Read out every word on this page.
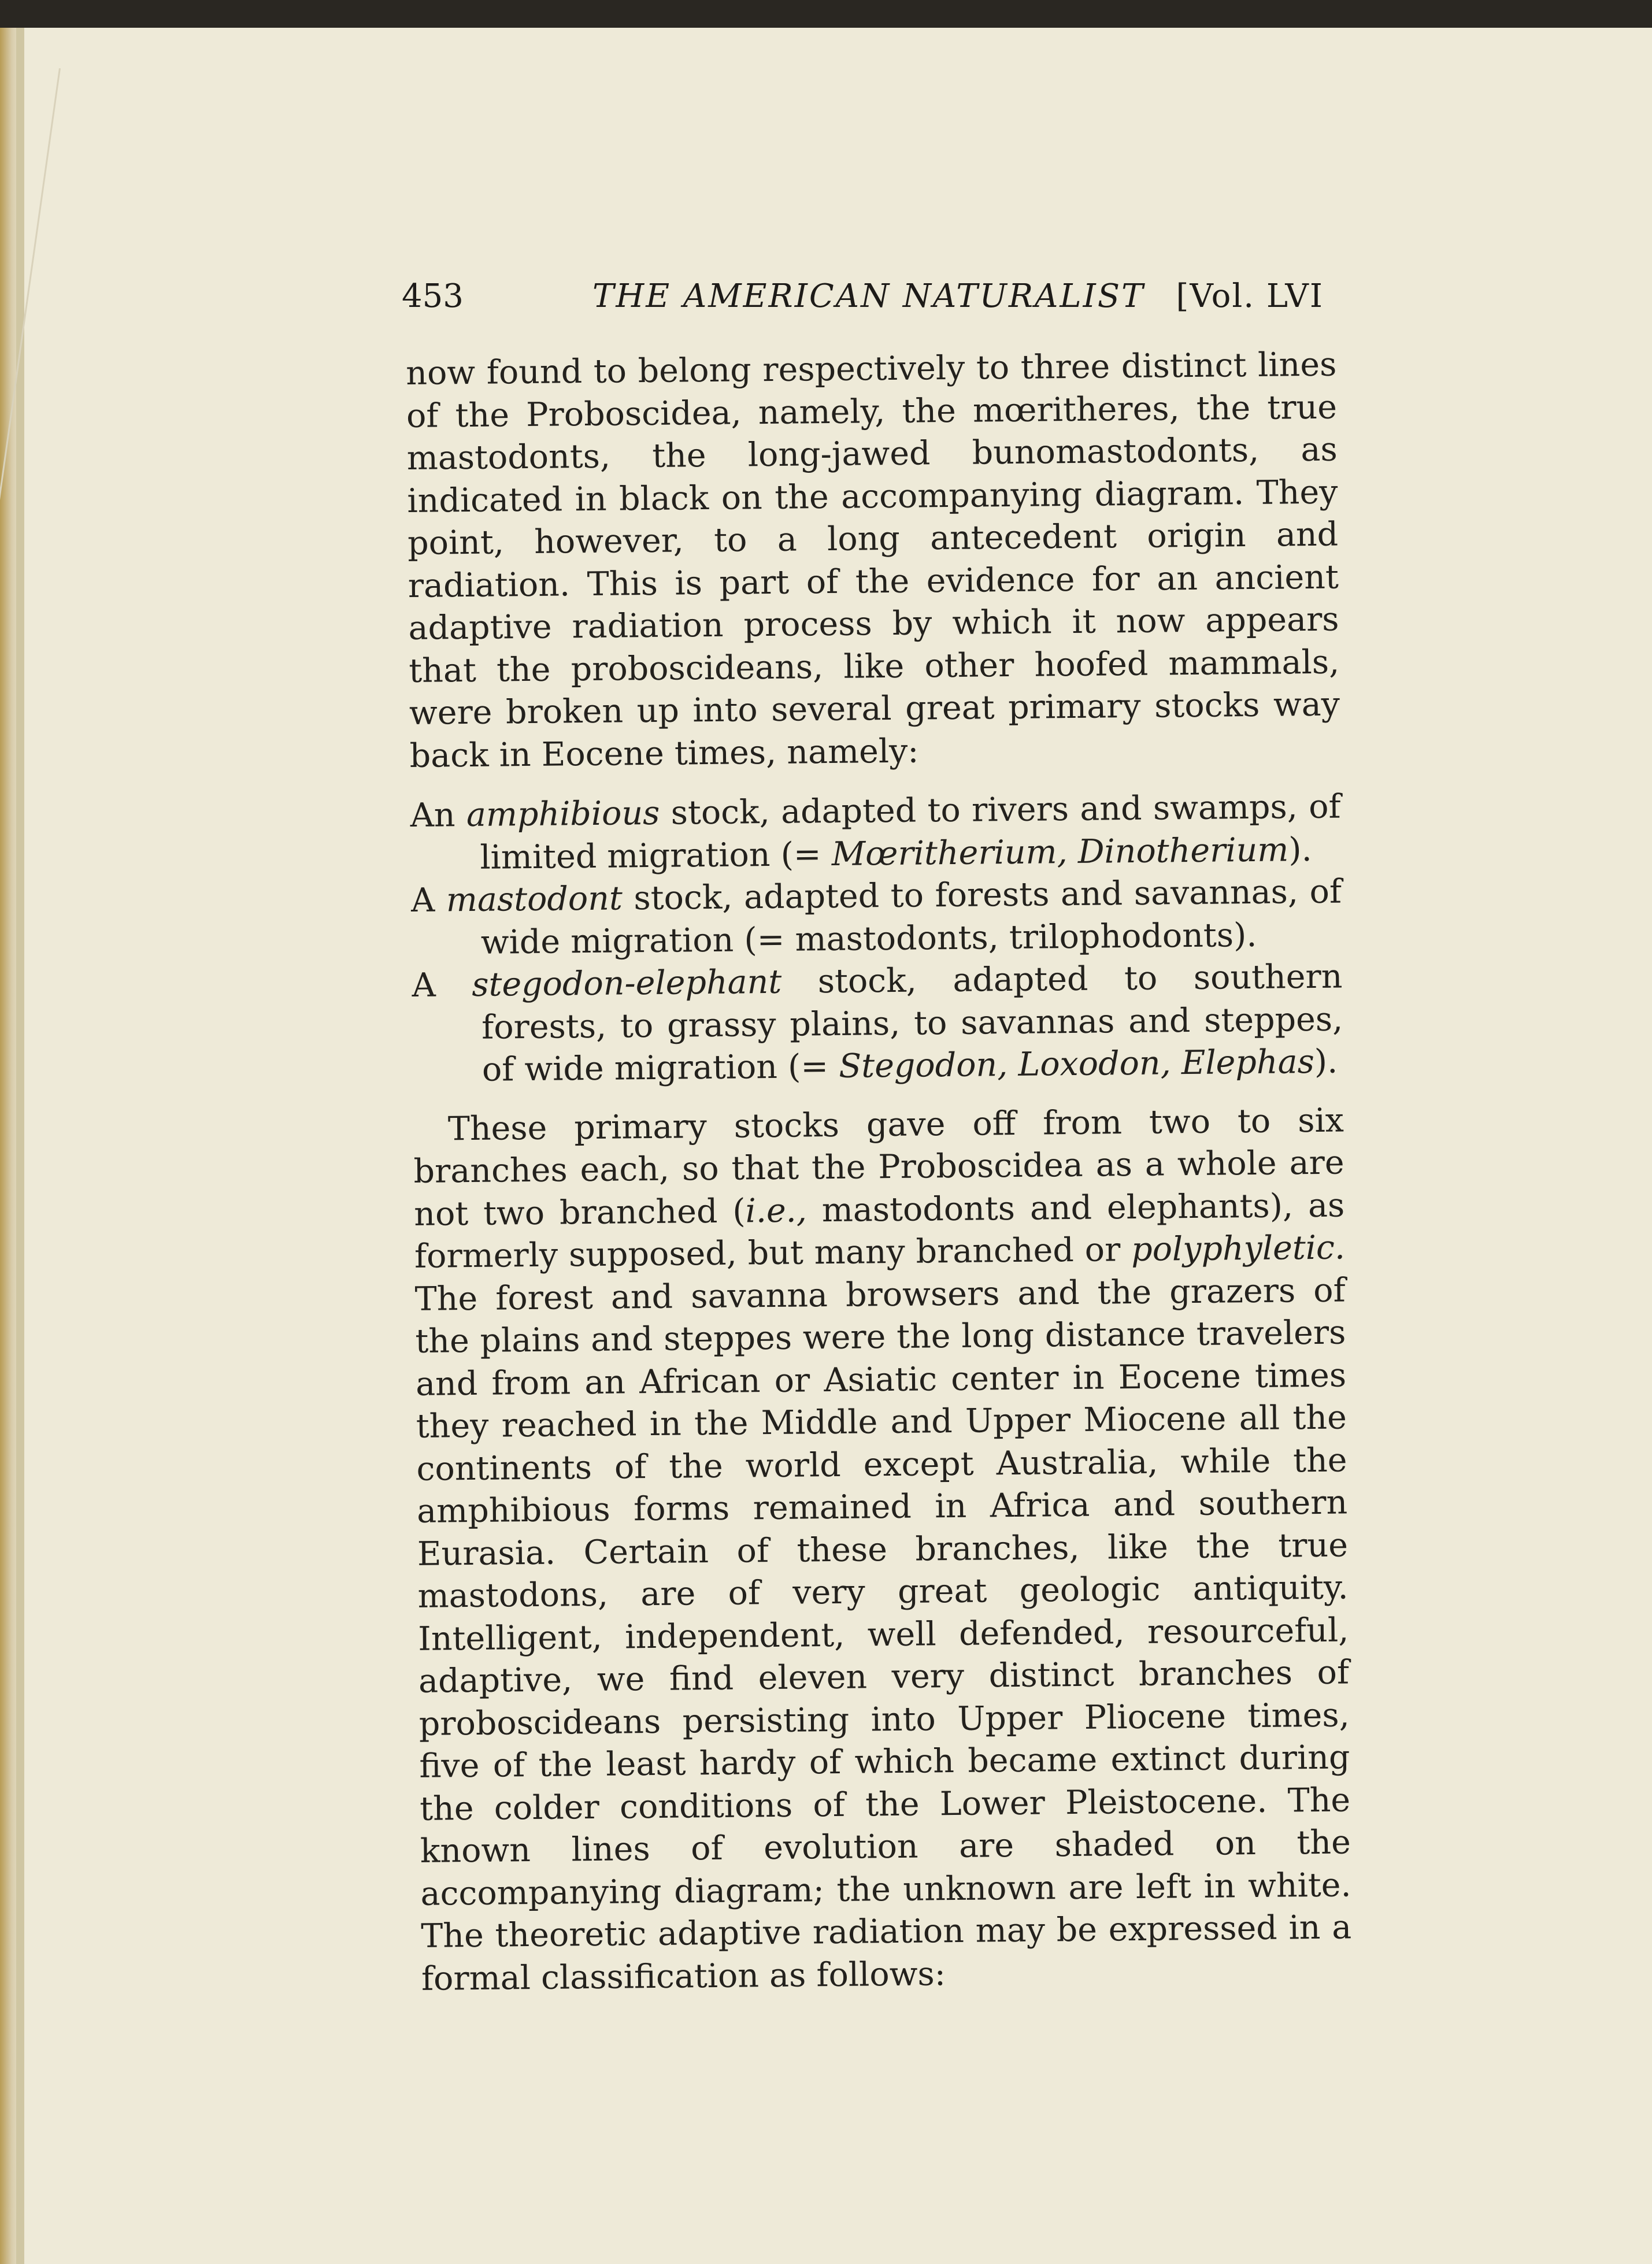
453	THE AMERICAN NATURALIST [Vol. LVI

now found to belong respectively to three distinct lines of the Proboscidea, namely, the mœritheres, the true mastodonts, the long-jawed bunomastodonts, as indicated in black on the accompanying diagram. They point, however, to a long antecedent origin and radiation. This is part of the evidence for an ancient adaptive radiation process by which it now appears that the proboscideans, like other hoofed mammals, were broken up into several great primary stocks way back in Eocene times, namely:

An amphibious stock, adapted to rivers and swamps, of limited migration (= Mœritherium, Dinotherium).

A mastodont stock, adapted to forests and savannas, of wide migration (= mastodonts, trilophodonts).

A stegodon-elephant stock, adapted to southern forests, to grassy plains, to savannas and steppes, of wide migration (= Stegodon, Loxodon, Elephas).

These primary stocks gave off from two to six branches each, so that the Proboscidea as a whole are not two branched (i.e., mastodonts and elephants), as formerly supposed, but many branched or polyphyletic. The forest and savanna browsers and the grazers of the plains and steppes were the long distance travelers and from an African or Asiatic center in Eocene times they reached in the Middle and Upper Miocene all the continents of the world except Australia, while the amphibious forms remained in Africa and southern Eurasia. Certain of these branches, like the true mastodons, are of very great geologic antiquity. Intelligent, independent, well defended, resourceful, adaptive, we find eleven very distinct branches of proboscideans persisting into Upper Pliocene times, five of the least hardy of which became extinct during the colder conditions of the Lower Pleistocene. The known lines of evolution are shaded on the accompanying diagram; the unknown are left in white. The theoretic adaptive radiation may be expressed in a formal classification as follows:
